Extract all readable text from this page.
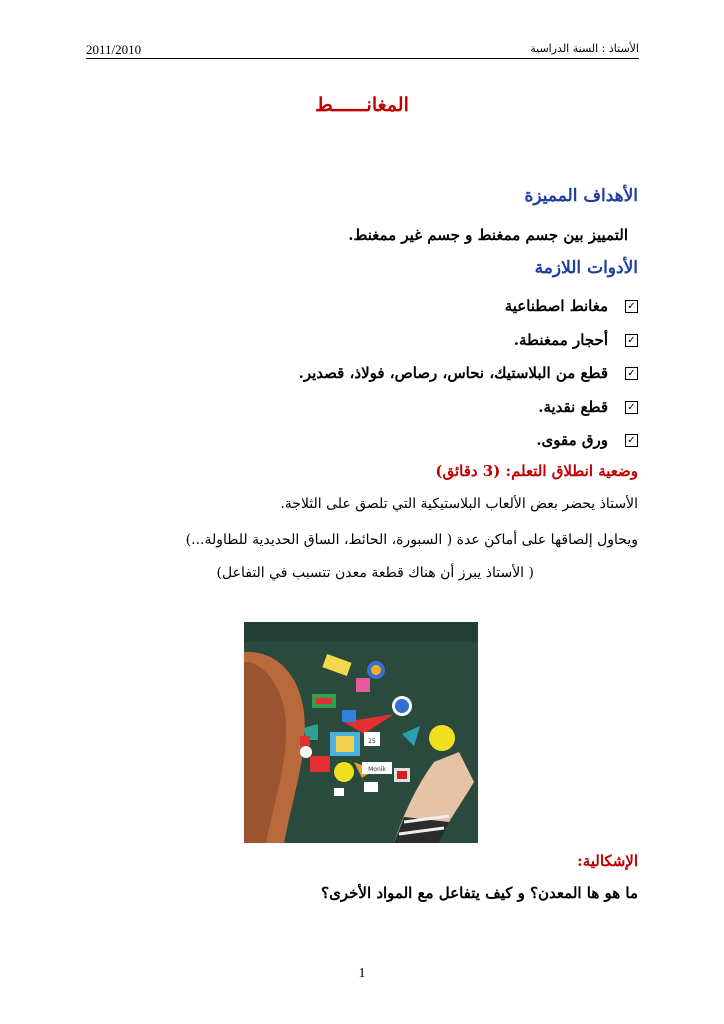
2011/2010	الأستاذ : السنة الدراسية
المغانــــــط
الأهداف المميزة
التمييز بين جسم ممغنط و جسم غير ممغنط.
الأدوات اللازمة
✓
مغانط اصطناعية
✓
أحجار ممغنطة.
✓
قطع من البلاستيك، نحاس، رصاص، فولاذ، قصدير.
✓
قطع نقدية.
✓
ورق مقوى.
وضعية انطلاق التعلم: (3 دقائق)
الأستاذ يحضر بعض الألعاب البلاستيكية التي تلصق على الثلاجة.
ويحاول إلصاقها على أماكن عدة ( السبورة، الحائط، الساق الحديدية للطاولة...)
( الأستاذ يبرز أن هناك قطعة معدن تتسبب في التفاعل)
25
Monik
الإشكالية:
ما هو ها المعدن؟ و كيف يتفاعل مع المواد الأخرى؟
1
